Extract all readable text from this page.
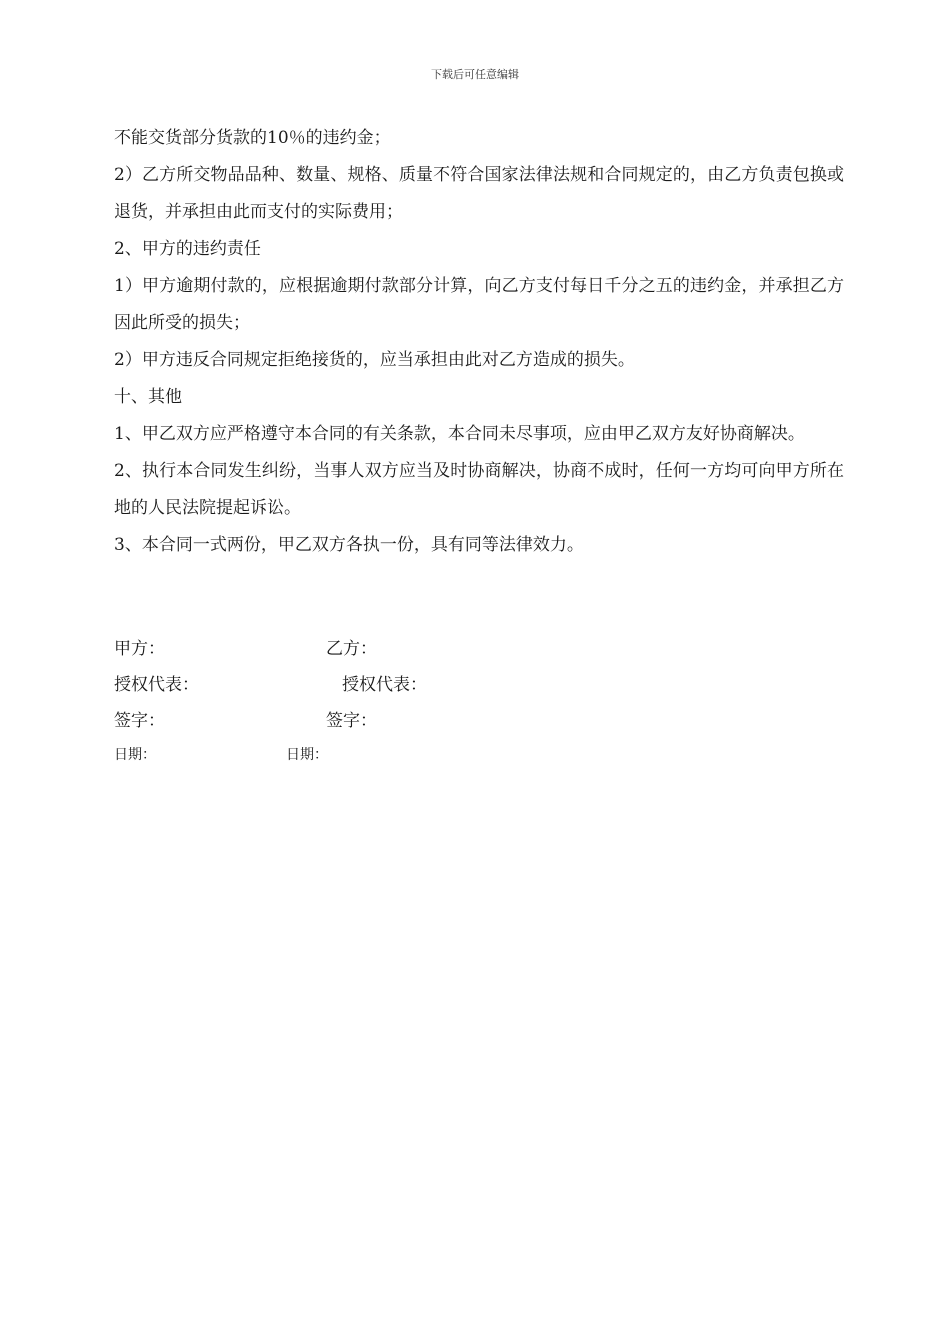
下载后可任意编辑

不能交货部分货款的10％的违约金；

2）乙方所交物品品种、数量、规格、质量不符合国家法律法规和合同规定的，由乙方负责包换或退货，并承担由此而支付的实际费用；

2、甲方的违约责任

1）甲方逾期付款的，应根据逾期付款部分计算，向乙方支付每日千分之五的违约金，并承担乙方因此所受的损失；

2）甲方违反合同规定拒绝接货的，应当承担由此对乙方造成的损失。

十、其他

1、甲乙双方应严格遵守本合同的有关条款，本合同未尽事项，应由甲乙双方友好协商解决。

2、执行本合同发生纠纷，当事人双方应当及时协商解决，协商不成时，任何一方均可向甲方所在地的人民法院提起诉讼。

3、本合同一式两份，甲乙双方各执一份，具有同等法律效力。

甲方：	乙方：
授权代表：	授权代表：
签字：	签字：
日期：	日期：
